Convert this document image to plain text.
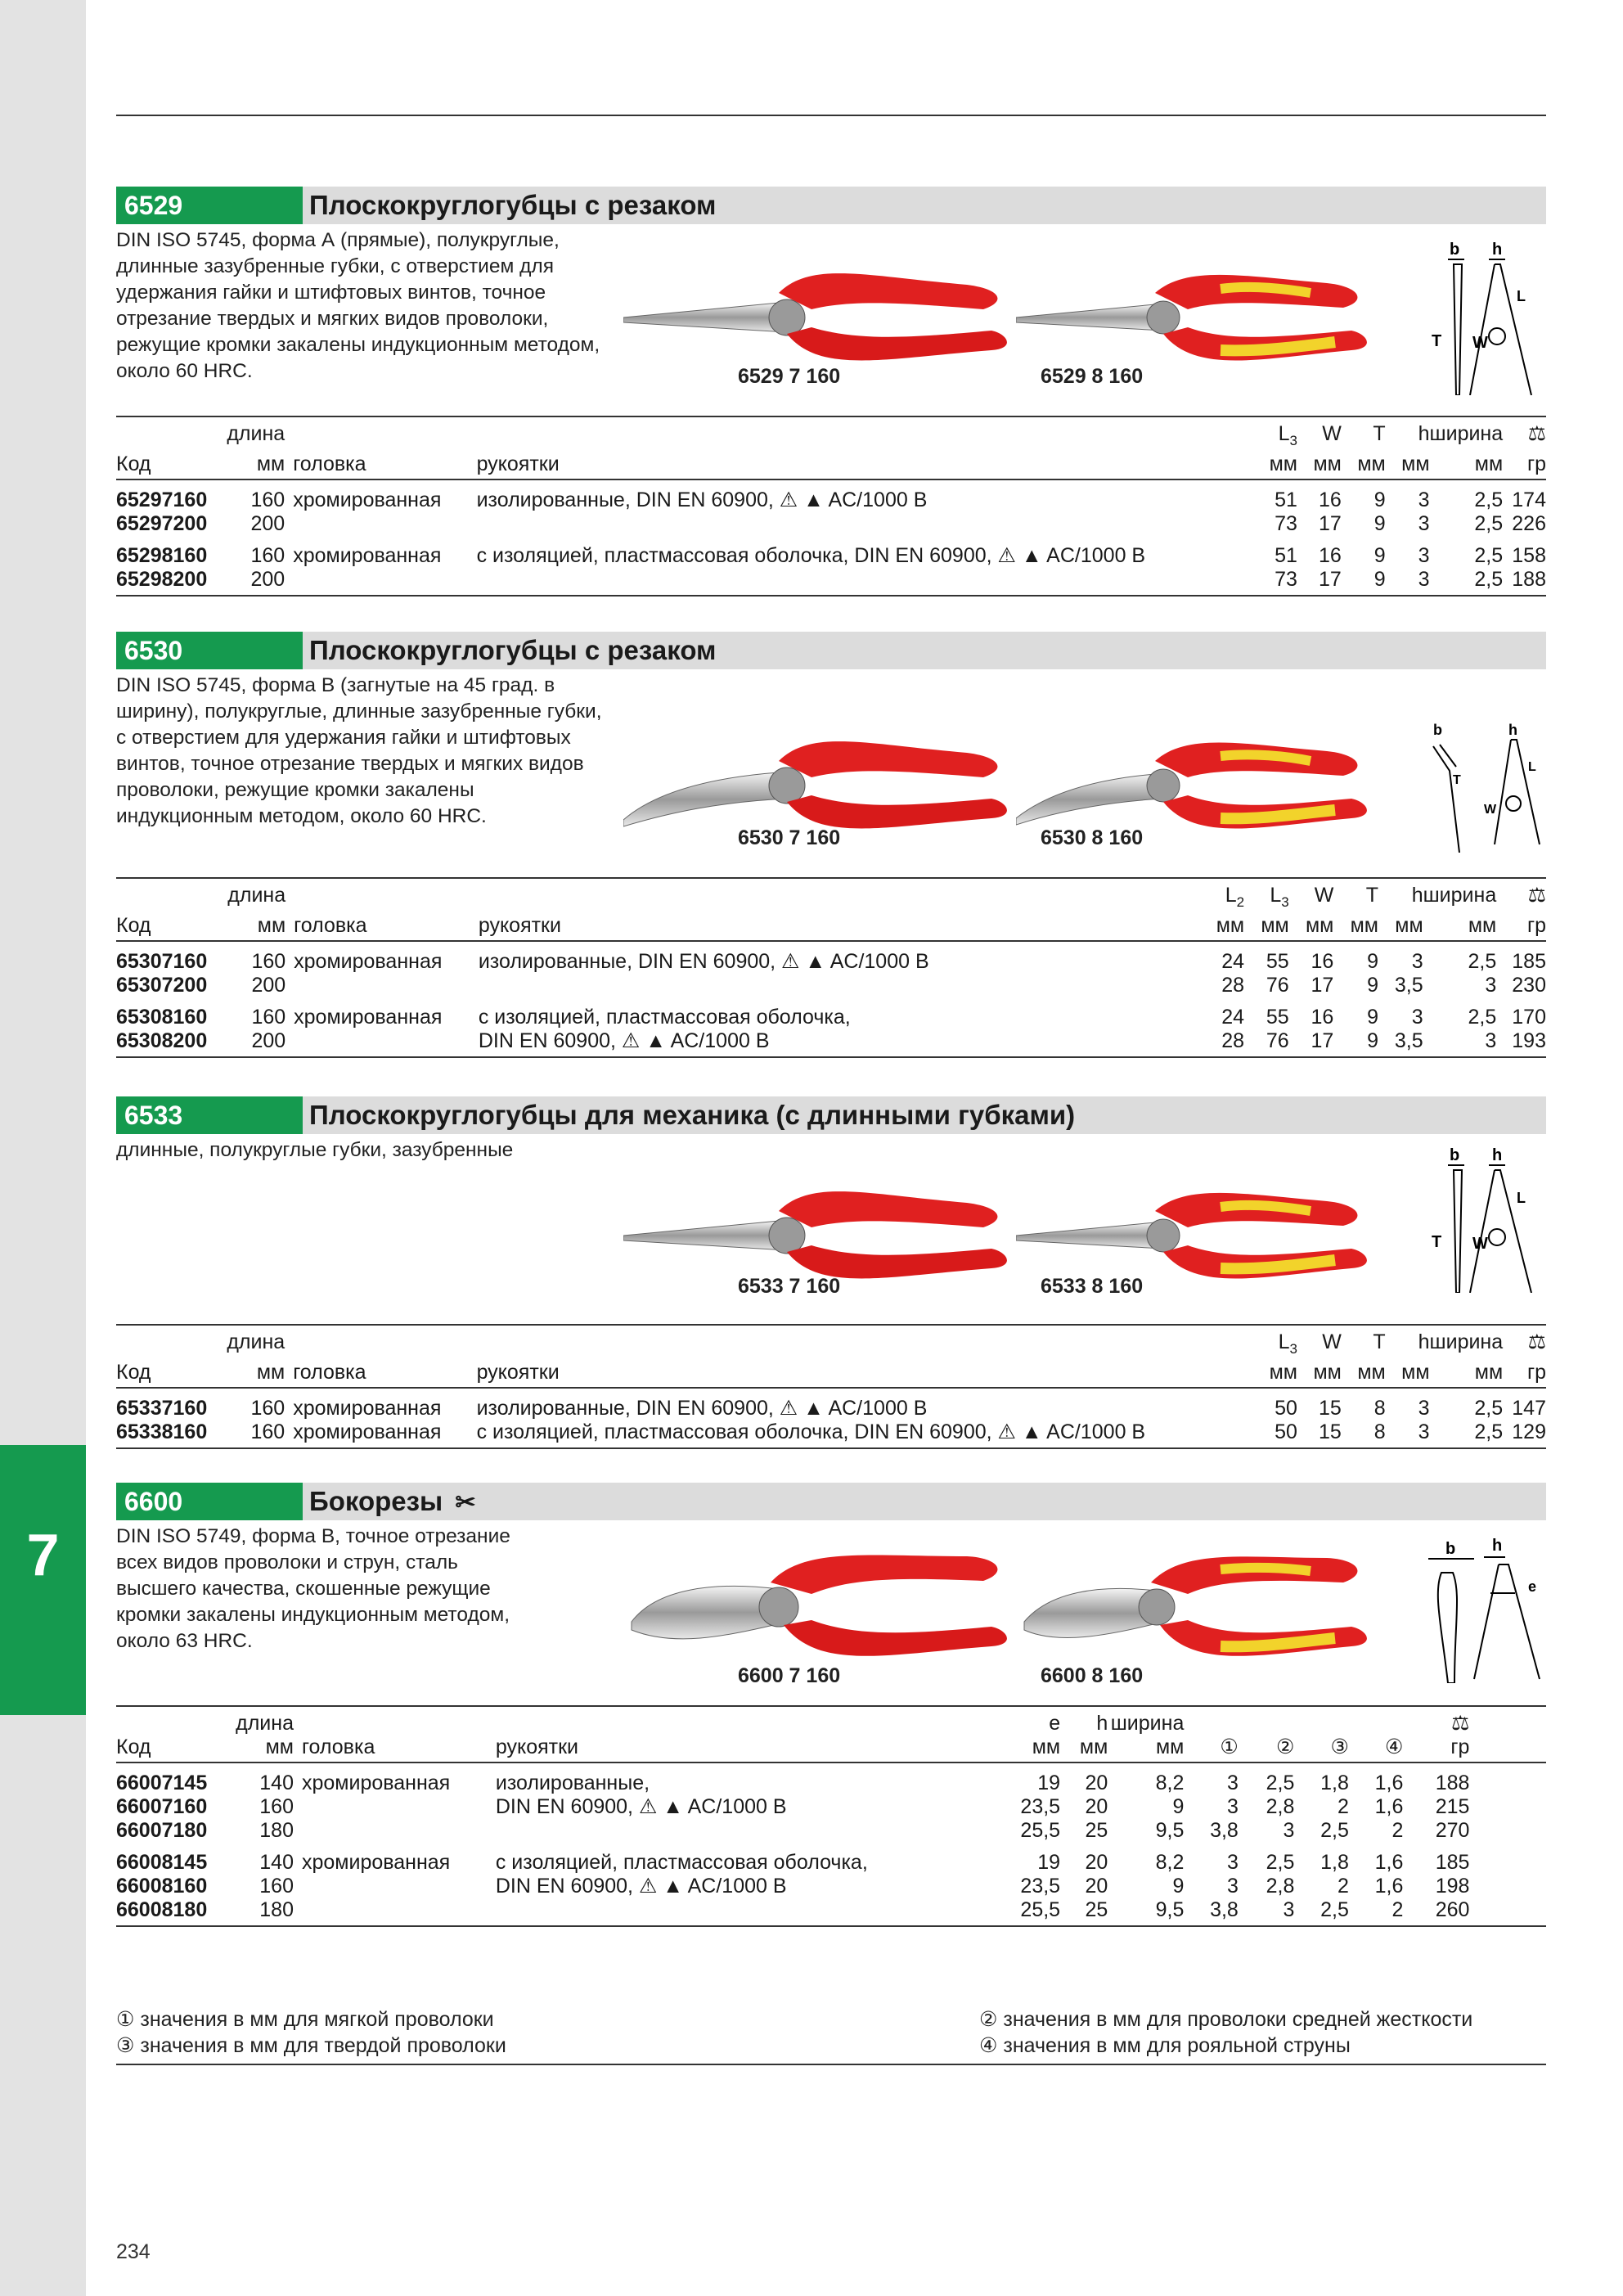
7
6529	Плоскокруглогубцы с резаком
DIN ISO 5745, форма А (прямые), полукруглые, длинные зазубренные губки, с отверстием для удержания гайки и штифтовых винтов, точное отрезание твердых и мягких видов проволоки, режущие кромки закалены индукционным методом, около 60 HRC.	6529 7 160	6529 8 160
b h
T W
L
	длина			$L_3$	W	T	h	ширина	⚖
Код	мм	головка	рукоятки	мм	мм	мм	мм	мм	гр
65297160	160	хромированная	изолированные, DIN EN 60900, ⚠ ▲ AC/1000 В	51	16	9	3	2,5	174
65297200	200			73	17	9	3	2,5	226
65298160	160	хромированная	с изоляцией, пластмассовая оболочка, DIN EN 60900, ⚠ ▲ AC/1000 В	51	16	9	3	2,5	158
65298200	200			73	17	9	3	2,5	188
6530	Плоскокруглогубцы с резаком
DIN ISO 5745, форма В (загнутые на 45 град. в ширину), полукруглые, длинные зазубренные губки, с отверстием для удержания гайки и штифтовых винтов, точное отрезание твердых и мягких видов проволоки, режущие кромки закалены индукционным методом, около 60 HRC.
6530 7 160	6530 8 160
b	h
T
W
L
	длина			$L_2$	$L_3$	W	T	h	ширина	⚖
Код	мм	головка	рукоятки	мм	мм	мм	мм	мм	мм	гр
65307160	160	хромированная	изолированные, DIN EN 60900, ⚠ ▲ AC/1000 В	24	55	16	9	3	2,5	185
65307200	200			28	76	17	9	3,5	3	230
65308160	160	хромированная	с изоляцией, пластмассовая оболочка,	24	55	16	9	3	2,5	170
65308200	200		DIN EN 60900, ⚠ ▲ AC/1000 В	28	76	17	9	3,5	3	193
6533	Плоскокруглогубцы для механика (с длинными губками)
длинные, полукруглые губки, зазубренные
6533 7 160	6533 8 160
b h
T W
L
	длина			$L_3$	W	T	h	ширина	⚖
Код	мм	головка	рукоятки	мм	мм	мм	мм	мм	гр
65337160	160	хромированная	изолированные, DIN EN 60900, ⚠ ▲ AC/1000 В	50	15	8	3	2,5	147
65338160	160	хромированная	с изоляцией, пластмассовая оболочка, DIN EN 60900, ⚠ ▲ AC/1000 В	50	15	8	3	2,5	129
6600	Бокорезы ✂
DIN ISO 5749, форма В, точное отрезание всех видов проволоки и струн, сталь высшего качества, скошенные режущие кромки закалены индукционным методом, около 63 HRC.
6600 7 160	6600 8 160
b h
e
	длина			e	h	ширина					⚖	
Код	мм	головка	рукоятки	мм	мм	мм	①	②	③	④	гр	
66007145	140	хромированная	изолированные,	19	20	8,2	3	2,5	1,8	1,6	188	
66007160	160		DIN EN 60900, ⚠ ▲ AC/1000 В	23,5	20	9	3	2,8	2	1,6	215	
66007180	180			25,5	25	9,5	3,8	3	2,5	2	270	
66008145	140	хромированная	с изоляцией, пластмассовая оболочка,	19	20	8,2	3	2,5	1,8	1,6	185	
66008160	160		DIN EN 60900, ⚠ ▲ AC/1000 В	23,5	20	9	3	2,8	2	1,6	198	
66008180	180			25,5	25	9,5	3,8	3	2,5	2	260	
① значения в мм для мягкой проволоки	② значения в мм для проволоки средней жесткости
③ значения в мм для твердой проволоки	④ значения в мм для рояльной струны
234
